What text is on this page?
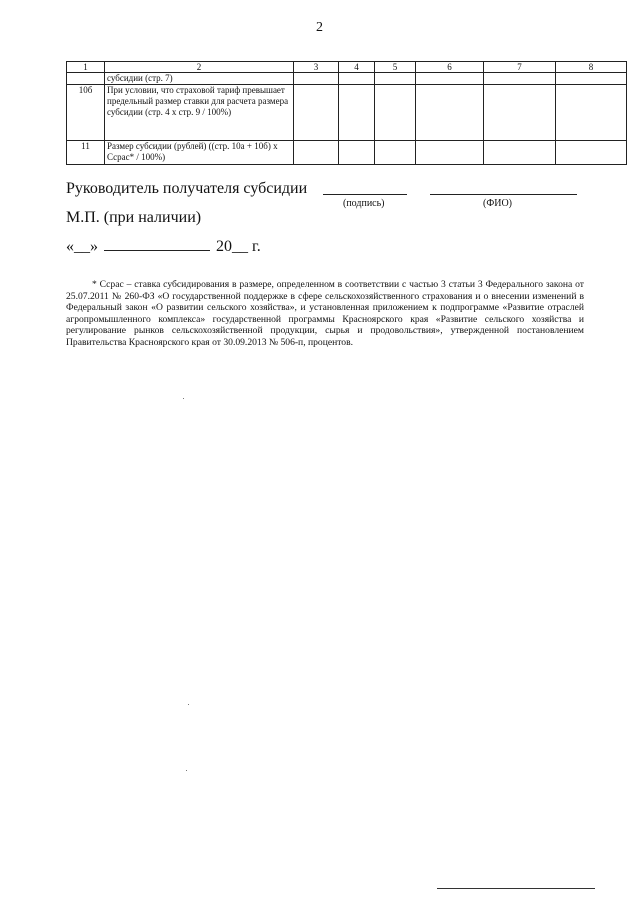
2
1	2	3	4	5	6	7	8
	субсидии (стр. 7)						
10б	При условии, что страховой тариф превышает предельный размер ставки для расчета размера субсидии (стр. 4 х стр. 9 / 100%)						
11	Размер субсидии (рублей) ((стр. 10а + 10б) х Ссрас* / 100%)						
Руководитель получателя субсидии
(подпись)	(ФИО)
М.П. (при наличии)
«__»	20__ г.

* Ссрас – ставка субсидирования в размере, определенном в соответствии с частью 3 статьи 3 Федерального закона от 25.07.2011 № 260-ФЗ «О государственной поддержке в сфере сельскохозяйственного страхования и о внесении изменений в Федеральный закон «О развитии сельского хозяйства», и установленная приложением к подпрограмме «Развитие отраслей агропромышленного комплекса» государственной программы Красноярского края «Развитие сельского хозяйства и регулирование рынков сельскохозяйственной продукции, сырья и продовольствия», утвержденной постановлением Правительства Красноярского края от 30.09.2013 № 506-п, процентов.
